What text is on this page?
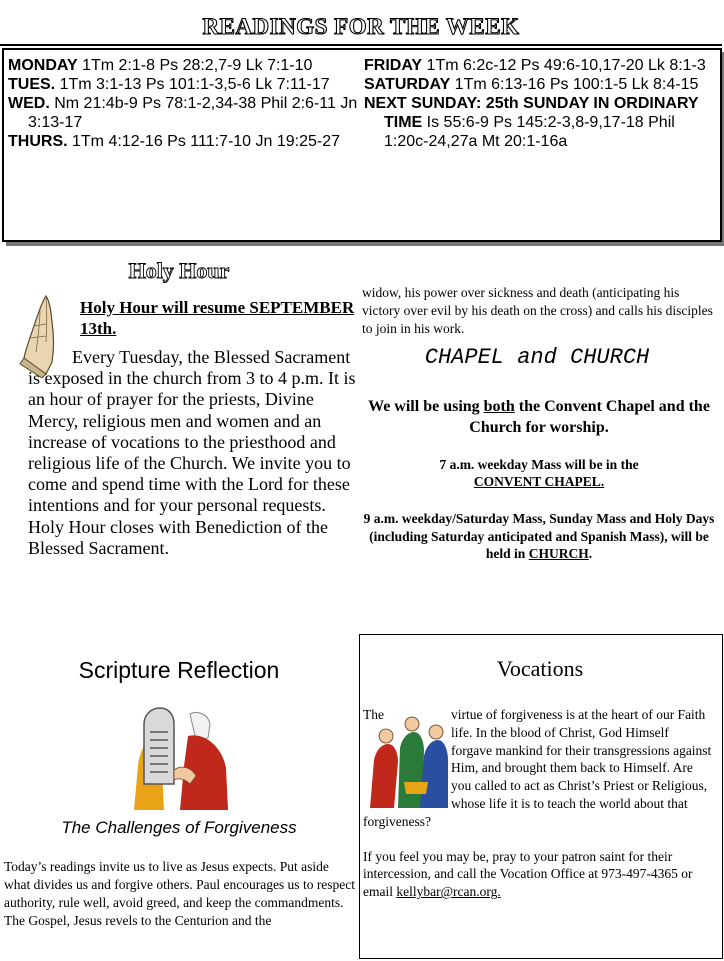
READINGS FOR THE WEEK
MONDAY 1Tm 2:1-8 Ps 28:2,7-9 Lk 7:1-10
TUES. 1Tm 3:1-13 Ps 101:1-3,5-6 Lk 7:11-17
WED. Nm 21:4b-9 Ps 78:1-2,34-38 Phil 2:6-11 Jn 3:13-17
THURS. 1Tm 4:12-16 Ps 111:7-10 Jn 19:25-27
FRIDAY 1Tm 6:2c-12 Ps 49:6-10,17-20 Lk 8:1-3
SATURDAY 1Tm 6:13-16 Ps 100:1-5 Lk 8:4-15
NEXT SUNDAY: 25th SUNDAY IN ORDINARY TIME Is 55:6-9 Ps 145:2-3,8-9,17-18 Phil 1:20c-24,27a Mt 20:1-16a
Holy Hour
Holy Hour will resume SEPTEMBER 13th.

Every Tuesday, the Blessed Sacrament is exposed in the church from 3 to 4 p.m. It is an hour of prayer for the priests, Divine Mercy, religious men and women and an increase of vocations to the priesthood and religious life of the Church. We invite you to come and spend time with the Lord for these intentions and for your personal requests. Holy Hour closes with Benediction of the Blessed Sacrament.

widow, his power over sickness and death (anticipating his victory over evil by his death on the cross) and calls his disciples to join in his work.
CHAPEL and CHURCH
We will be using both the Convent Chapel and the Church for worship.
7 a.m. weekday Mass will be in the
CONVENT CHAPEL.
9 a.m. weekday/Saturday Mass, Sunday Mass and Holy Days (including Saturday anticipated and Spanish Mass), will be held in CHURCH.
Scripture Reflection
The Challenges of Forgiveness
Today’s readings invite us to live as Jesus expects. Put aside what divides us and forgive others. Paul encourages us to respect authority, rule well, avoid greed, and keep the commandments.
The Gospel, Jesus revels to the Centurion and the
Vocations

The	virtue of forgiveness is at the heart of our Faith life. In the blood of Christ, God Himself forgave mankind for their transgressions against Him, and brought them back to Himself. Are you called to act as Christ’s Priest or Religious, whose life it is to teach the world about that forgiveness?

If you feel you may be, pray to your patron saint for their intercession, and call the Vocation Office at 973-497-4365 or email kellybar@rcan.org.
